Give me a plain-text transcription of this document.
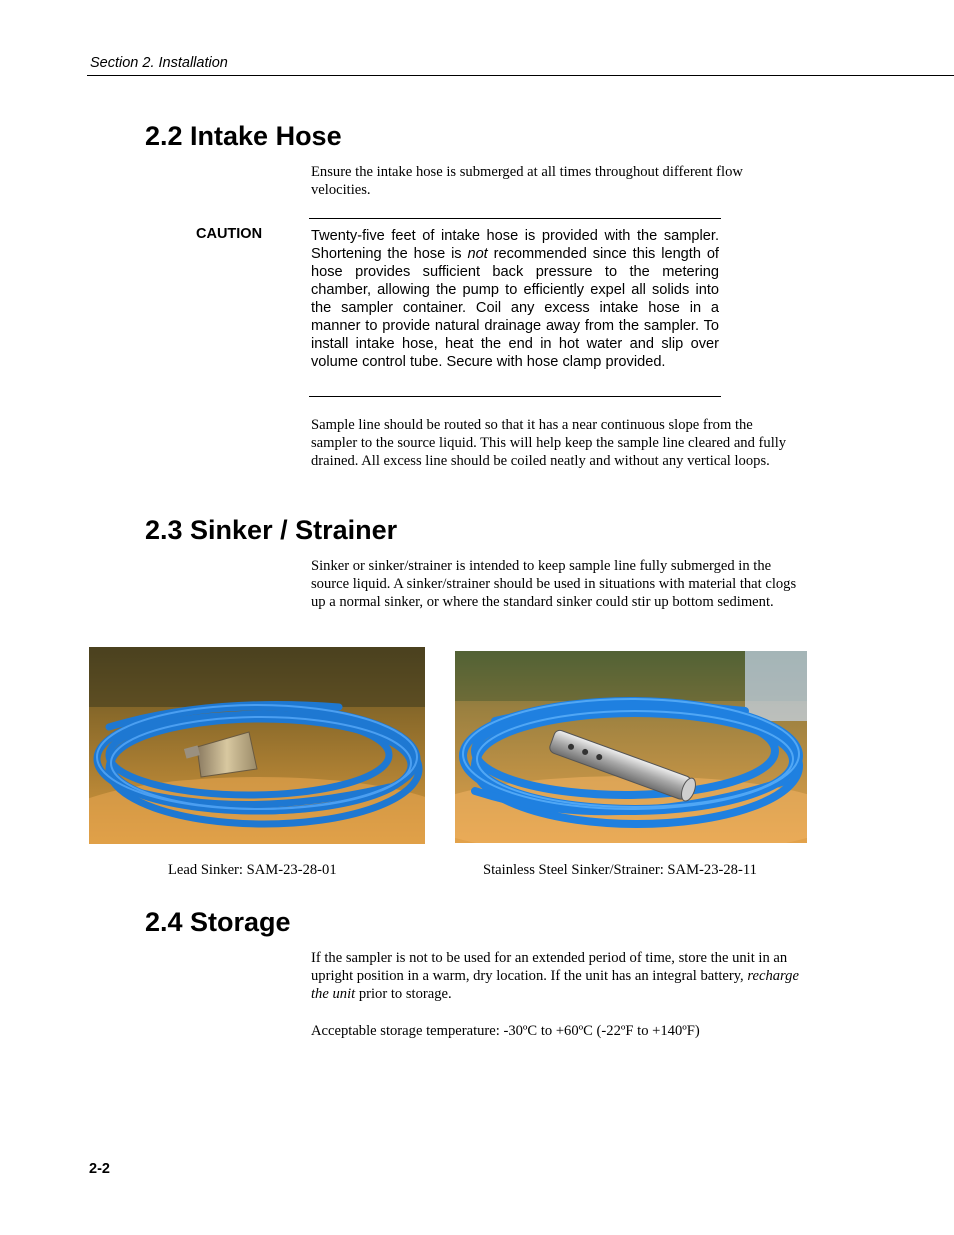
Section 2. Installation
2.2 Intake Hose

Ensure the intake hose is submerged at all times throughout different flow velocities.

CAUTION	Twenty-five feet of intake hose is provided with the sampler. Shortening the hose is not recommended since this length of hose provides sufficient back pressure to the metering chamber, allowing the pump to efficiently expel all solids into the sampler container. Coil any excess intake hose in a manner to provide natural drainage away from the sampler. To install intake hose, heat the end in hot water and slip over volume control tube. Secure with hose clamp provided.

Sample line should be routed so that it has a near continuous slope from the sampler to the source liquid. This will help keep the sample line cleared and fully drained. All excess line should be coiled neatly and without any vertical loops.

2.3 Sinker / Strainer

Sinker or sinker/strainer is intended to keep sample line fully submerged in the source liquid. A sinker/strainer should be used in situations with material that clogs up a normal sinker, or where the standard sinker could stir up bottom sediment.

Lead Sinker: SAM-23-28-01	Stainless Steel Sinker/Strainer: SAM-23-28-11
2.4 Storage

If the sampler is not to be used for an extended period of time, store the unit in an upright position in a warm, dry location. If the unit has an integral battery, recharge the unit prior to storage.

Acceptable storage temperature: -30ºC to +60ºC (-22ºF to +140ºF)

2-2
